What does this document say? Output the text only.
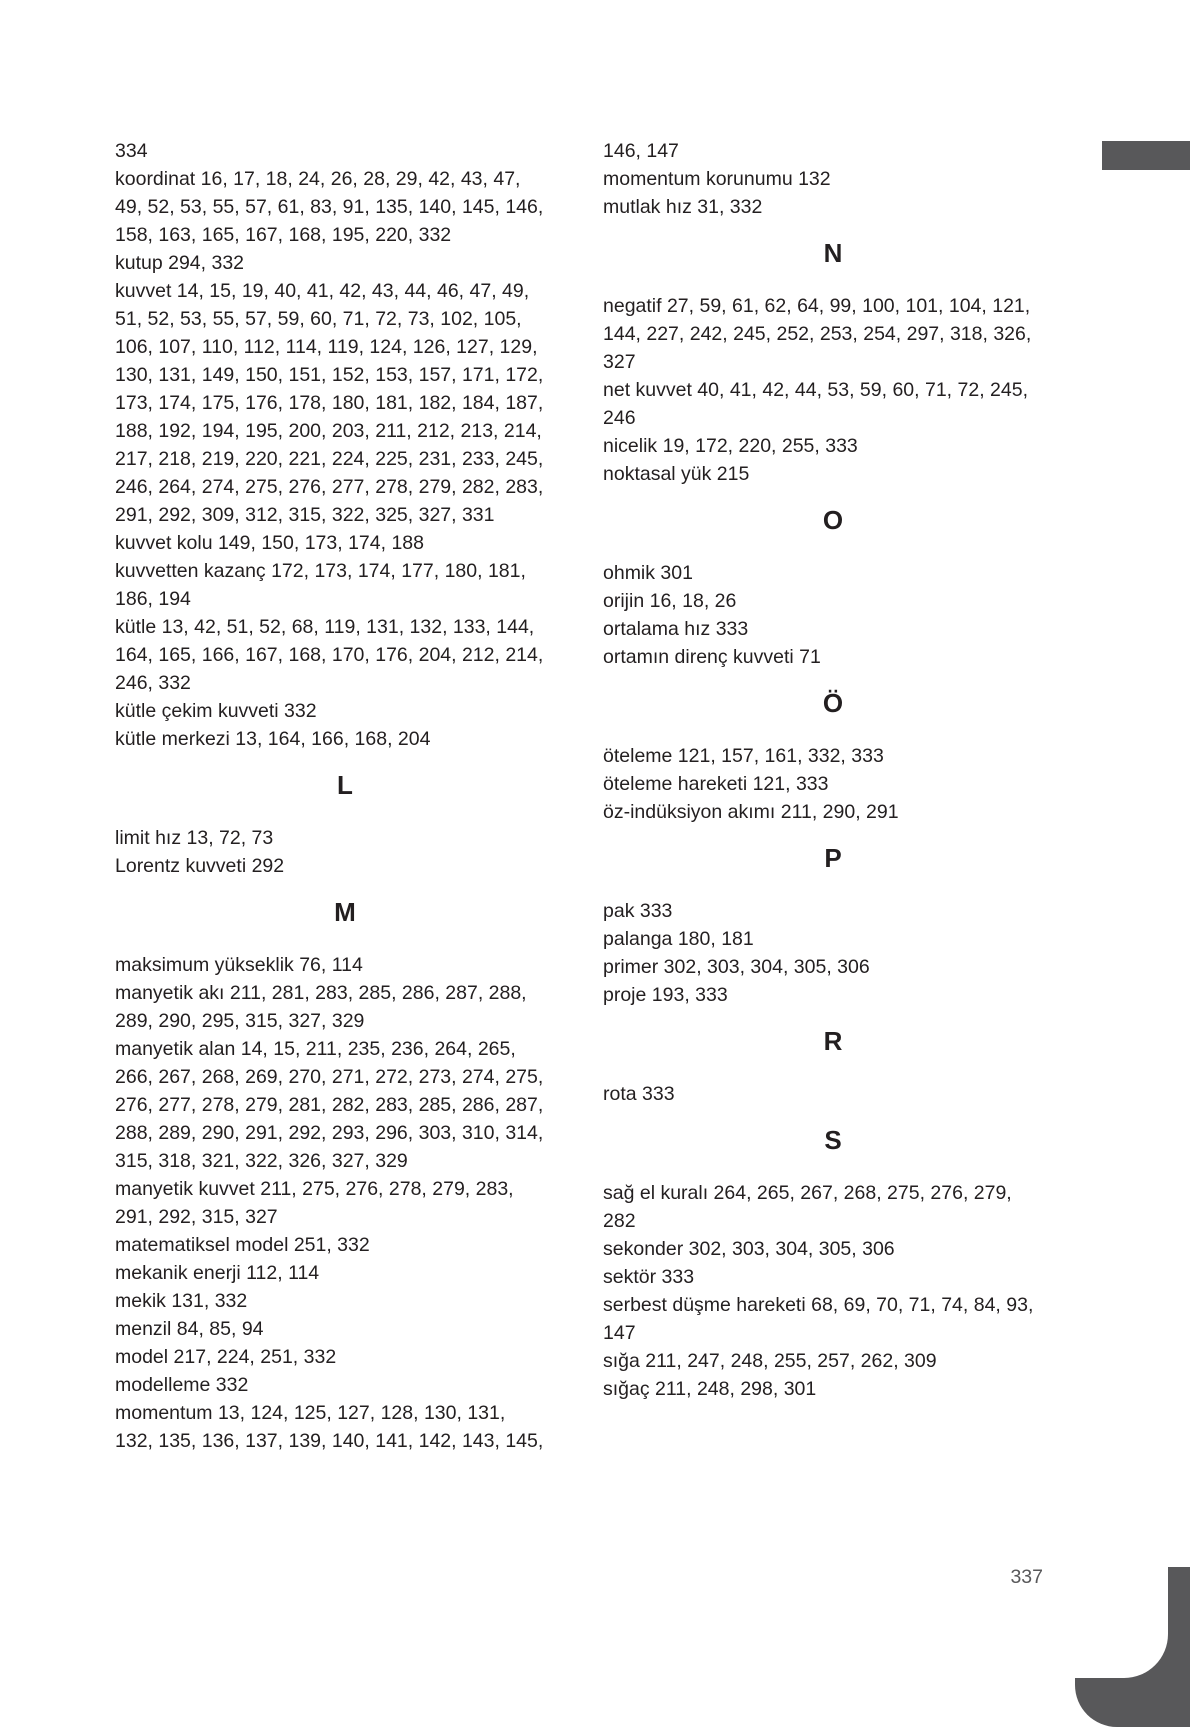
334
koordinat 16, 17, 18, 24, 26, 28, 29, 42, 43, 47,
49, 52, 53, 55, 57, 61, 83, 91, 135, 140, 145, 146,
158, 163, 165, 167, 168, 195, 220, 332
kutup 294, 332
kuvvet 14, 15, 19, 40, 41, 42, 43, 44, 46, 47, 49,
51, 52, 53, 55, 57, 59, 60, 71, 72, 73, 102, 105,
106, 107, 110, 112, 114, 119, 124, 126, 127, 129,
130, 131, 149, 150, 151, 152, 153, 157, 171, 172,
173, 174, 175, 176, 178, 180, 181, 182, 184, 187,
188, 192, 194, 195, 200, 203, 211, 212, 213, 214,
217, 218, 219, 220, 221, 224, 225, 231, 233, 245,
246, 264, 274, 275, 276, 277, 278, 279, 282, 283,
291, 292, 309, 312, 315, 322, 325, 327, 331
kuvvet kolu 149, 150, 173, 174, 188
kuvvetten kazanç 172, 173, 174, 177, 180, 181,
186, 194
kütle 13, 42, 51, 52, 68, 119, 131, 132, 133, 144,
164, 165, 166, 167, 168, 170, 176, 204, 212, 214,
246, 332
kütle çekim kuvveti 332
kütle merkezi 13, 164, 166, 168, 204
L
limit hız 13, 72, 73
Lorentz kuvveti 292
M
maksimum yükseklik 76, 114
manyetik akı 211, 281, 283, 285, 286, 287, 288,
289, 290, 295, 315, 327, 329
manyetik alan 14, 15, 211, 235, 236, 264, 265,
266, 267, 268, 269, 270, 271, 272, 273, 274, 275,
276, 277, 278, 279, 281, 282, 283, 285, 286, 287,
288, 289, 290, 291, 292, 293, 296, 303, 310, 314,
315, 318, 321, 322, 326, 327, 329
manyetik kuvvet 211, 275, 276, 278, 279, 283,
291, 292, 315, 327
matematiksel model 251, 332
mekanik enerji 112, 114
mekik 131, 332
menzil 84, 85, 94
model 217, 224, 251, 332
modelleme 332
momentum 13, 124, 125, 127, 128, 130, 131,
132, 135, 136, 137, 139, 140, 141, 142, 143, 145,
146, 147
momentum korunumu 132
mutlak hız 31, 332
N
negatif 27, 59, 61, 62, 64, 99, 100, 101, 104, 121,
144, 227, 242, 245, 252, 253, 254, 297, 318, 326,
327
net kuvvet 40, 41, 42, 44, 53, 59, 60, 71, 72, 245,
246
nicelik 19, 172, 220, 255, 333
noktasal yük 215
O
ohmik 301
orijin 16, 18, 26
ortalama hız 333
ortamın direnç kuvveti 71
Ö
öteleme 121, 157, 161, 332, 333
öteleme hareketi 121, 333
öz-indüksiyon akımı 211, 290, 291
P
pak 333
palanga 180, 181
primer 302, 303, 304, 305, 306
proje 193, 333
R
rota 333
S
sağ el kuralı 264, 265, 267, 268, 275, 276, 279,
282
sekonder 302, 303, 304, 305, 306
sektör 333
serbest düşme hareketi 68, 69, 70, 71, 74, 84, 93,
147
sığa 211, 247, 248, 255, 257, 262, 309
sığaç 211, 248, 298, 301
337
